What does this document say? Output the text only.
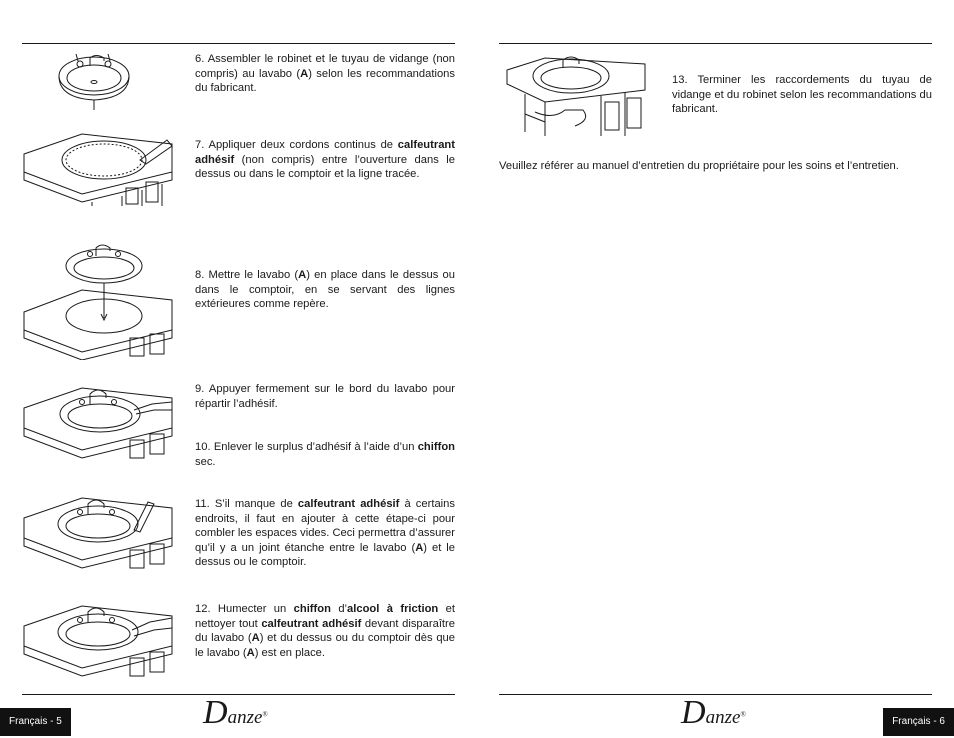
6. Assembler le robinet et le tuyau de vidange (non compris) au lavabo (A) selon les recommandations du fabricant.
7. Appliquer deux cordons continus de calfeutrant adhésif (non compris) entre l’ouverture dans le dessus ou dans le comptoir et la ligne tracée.
8. Mettre le lavabo (A) en place dans le dessus ou dans le comptoir, en se servant des lignes extérieures comme repère.
9. Appuyer fermement sur le bord du lavabo pour répartir l’adhésif.
10. Enlever le surplus d’adhésif à l’aide d’un chiffon sec.
11. S’il manque de calfeutrant adhésif à certains endroits, il faut en ajouter à cette étape-ci pour combler les espaces vides. Ceci permettra d’assurer qu’il y a un joint étanche entre le lavabo (A) et le dessus ou le comptoir.
12. Humecter un chiffon d’alcool à friction et nettoyer tout calfeutrant adhésif devant disparaître du lavabo (A) et du dessus ou du comptoir dès que le lavabo (A) est en place.
13. Terminer les raccordements du tuyau de vidange et du robinet selon les recommandations du fabricant.
Veuillez référer au manuel d’entretien du propriétaire pour les soins et l’entretien.
Français - 5	Danze®
Français - 6
Danze®
